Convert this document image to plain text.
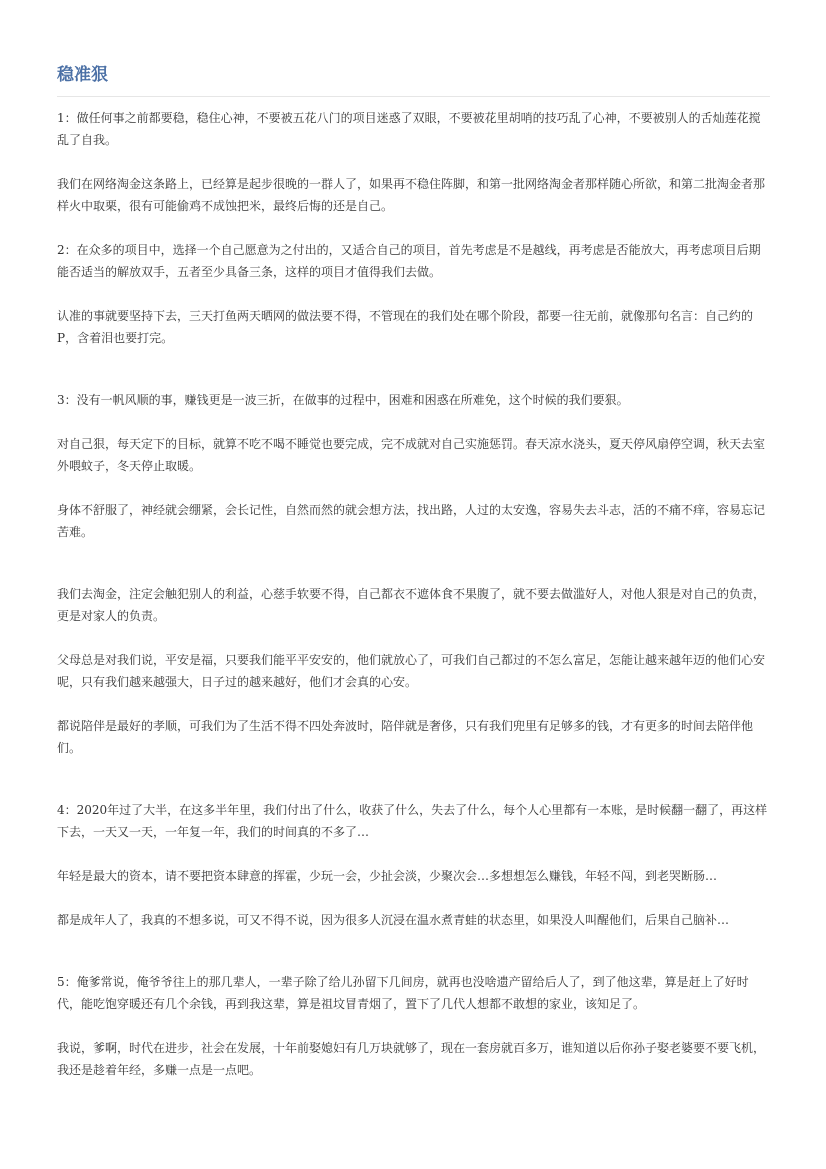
稳准狠

1：做任何事之前都要稳，稳住心神，不要被五花八门的项目迷惑了双眼，不要被花里胡哨的技巧乱了心神，不要被别人的舌灿莲花搅乱了自我。

我们在网络淘金这条路上，已经算是起步很晚的一群人了，如果再不稳住阵脚，和第一批网络淘金者那样随心所欲，和第二批淘金者那样火中取栗，很有可能偷鸡不成蚀把米，最终后悔的还是自己。

2：在众多的项目中，选择一个自己愿意为之付出的，又适合自己的项目，首先考虑是不是越线，再考虑是否能放大，再考虑项目后期能否适当的解放双手，五者至少具备三条，这样的项目才值得我们去做。

认准的事就要坚持下去，三天打鱼两天晒网的做法要不得，不管现在的我们处在哪个阶段，都要一往无前，就像那句名言：自己约的P，含着泪也要打完。

3：没有一帆风顺的事，赚钱更是一波三折，在做事的过程中，困难和困惑在所难免，这个时候的我们要狠。

对自己狠，每天定下的目标，就算不吃不喝不睡觉也要完成，完不成就对自己实施惩罚。春天凉水浇头，夏天停风扇停空调，秋天去室外喂蚊子，冬天停止取暖。

身体不舒服了，神经就会绷紧，会长记性，自然而然的就会想方法，找出路，人过的太安逸，容易失去斗志，活的不痛不痒，容易忘记苦难。

我们去淘金，注定会触犯别人的利益，心慈手软要不得，自己都衣不遮体食不果腹了，就不要去做滥好人，对他人狠是对自己的负责，更是对家人的负责。

父母总是对我们说，平安是福，只要我们能平平安安的，他们就放心了，可我们自己都过的不怎么富足，怎能让越来越年迈的他们心安呢，只有我们越来越强大，日子过的越来越好，他们才会真的心安。

都说陪伴是最好的孝顺，可我们为了生活不得不四处奔波时，陪伴就是奢侈，只有我们兜里有足够多的钱，才有更多的时间去陪伴他们。

4：2020年过了大半，在这多半年里，我们付出了什么，收获了什么，失去了什么，每个人心里都有一本账，是时候翻一翻了，再这样下去，一天又一天，一年复一年，我们的时间真的不多了…

年轻是最大的资本，请不要把资本肆意的挥霍，少玩一会，少扯会淡，少聚次会…多想想怎么赚钱，年轻不闯，到老哭断肠…

都是成年人了，我真的不想多说，可又不得不说，因为很多人沉浸在温水煮青蛙的状态里，如果没人叫醒他们，后果自己脑补…

5：俺爹常说，俺爷爷往上的那几辈人，一辈子除了给儿孙留下几间房，就再也没啥遗产留给后人了，到了他这辈，算是赶上了好时代，能吃饱穿暖还有几个余钱，再到我这辈，算是祖坟冒青烟了，置下了几代人想都不敢想的家业，该知足了。

我说，爹啊，时代在进步，社会在发展，十年前娶媳妇有几万块就够了，现在一套房就百多万，谁知道以后你孙子娶老婆要不要飞机，我还是趁着年经，多赚一点是一点吧。
